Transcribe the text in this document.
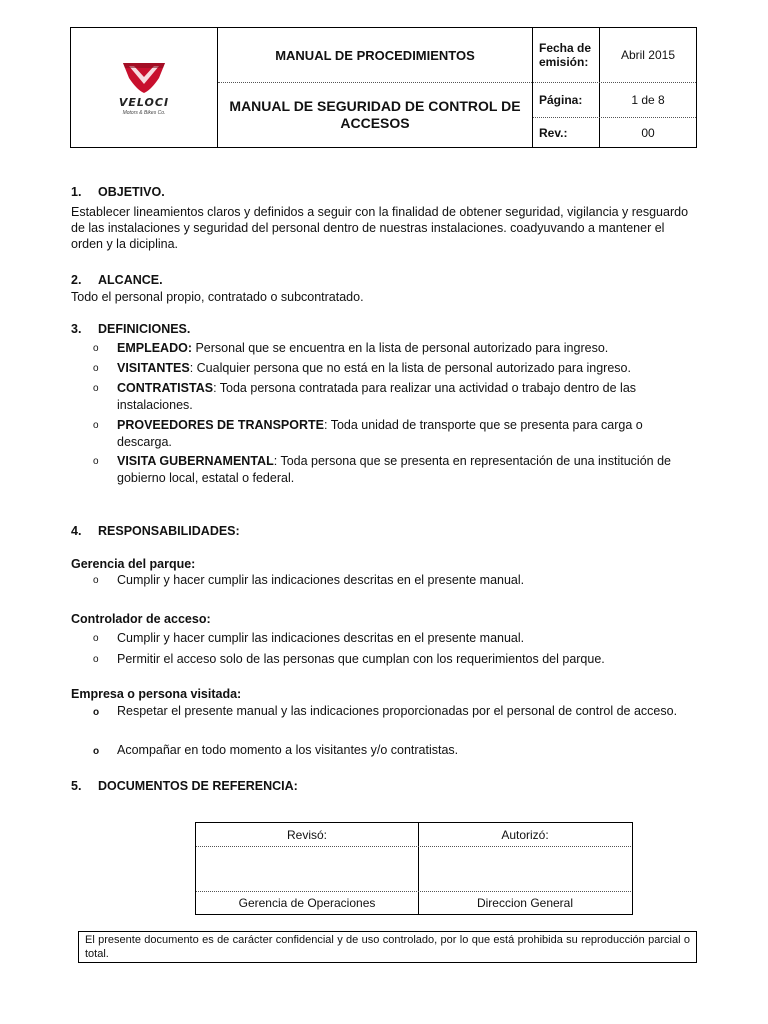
VELOCI
Motors & Bikes Co.
MANUAL DE PROCEDIMIENTOS
MANUAL DE SEGURIDAD DE CONTROL DE ACCESOS
Fecha de emisión:	Abril 2015
Página:	1 de 8
Rev.:	00
1. OBJETIVO.
Establecer lineamientos claros y definidos a seguir con la finalidad de obtener seguridad, vigilancia y resguardo de las instalaciones y seguridad del personal dentro de nuestras instalaciones. coadyuvando a mantener el orden y la diciplina.
2. ALCANCE.
Todo el personal propio, contratado o subcontratado.
3. DEFINICIONES.
o EMPLEADO: Personal que se encuentra en la lista de personal autorizado para ingreso.
o VISITANTES: Cualquier persona que no está en la lista de personal autorizado para ingreso.
o CONTRATISTAS: Toda persona contratada para realizar una actividad o trabajo dentro de las instalaciones.
o PROVEEDORES DE TRANSPORTE: Toda unidad de transporte que se presenta para carga o descarga.
o VISITA GUBERNAMENTAL: Toda persona que se presenta en representación de una institución de gobierno local, estatal o federal.
4. RESPONSABILIDADES:
Gerencia del parque:
o Cumplir y hacer cumplir las indicaciones descritas en el presente manual.
Controlador de acceso:
o Cumplir y hacer cumplir las indicaciones descritas en el presente manual.
o Permitir el acceso solo de las personas que cumplan con los requerimientos del parque.
Empresa o persona visitada:
o Respetar el presente manual y las indicaciones proporcionadas por el personal de control de acceso.
o Acompañar en todo momento a los visitantes y/o contratistas.
5. DOCUMENTOS DE REFERENCIA:
Revisó:	Autorizó:
Gerencia de Operaciones	Direccion General
El presente documento es de carácter confidencial y de uso controlado, por lo que está prohibida su reproducción parcial o total.
